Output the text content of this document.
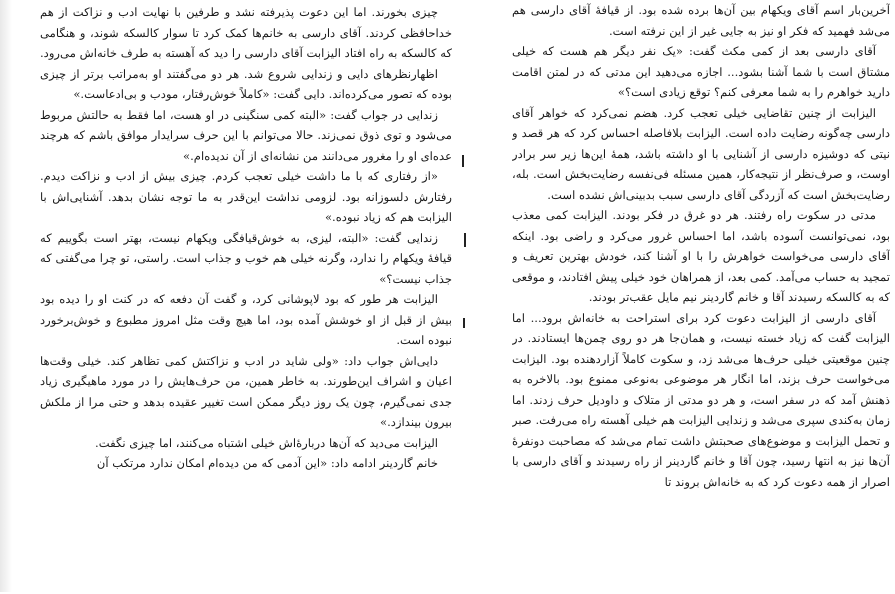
چیزی بخورند. اما این دعوت پذیرفته نشد و طرفین با نهایت ادب و نزاکت از هم خداحافظی کردند. آقای دارسی به خانم‌ها کمک کرد تا سوار کالسکه شوند، و هنگامی که کالسکه به راه افتاد الیزابت آقای دارسی را دید که آهسته به طرف خانه‌اش می‌رود.

اظهارنظرهای دایی و زندایی شروع شد. هر دو می‌گفتند او به‌مراتب برتر از چیزی بوده که تصور می‌کرده‌اند. دایی گفت: «کاملاً خوش‌رفتار، مودب و بی‌ادعاست.»

زندایی در جواب گفت: «البته کمی سنگینی در او هست، اما فقط به حالتش مربوط می‌شود و توی ذوق نمی‌زند. حالا می‌توانم با این حرف سرایدار موافق باشم که هرچند عده‌ای او را مغرور می‌دانند من نشانه‌ای از آن ندیده‌ام.»

«از رفتاری که با ما داشت خیلی تعجب کردم. چیزی بیش از ادب و نزاکت دیدم. رفتارش دلسوزانه بود. لزومی نداشت این‌قدر به ما توجه نشان بدهد. آشنایی‌اش با الیزابت هم که زیاد نبوده.»

زندایی گفت: «البته، لیزی، به خوش‌قیافگی ویکهام نیست، بهتر است بگوییم که قیافهٔ ویکهام را ندارد، وگرنه خیلی هم خوب و جذاب است. راستی، تو چرا می‌گفتی که جذاب نیست؟»

الیزابت هر طور که بود لاپوشانی کرد، و گفت آن دفعه که در کنت او را دیده بود بیش از قبل از او خوشش آمده بود، اما هیچ وقت مثل امروز مطبوع و خوش‌برخورد نبوده است.

دایی‌اش جواب داد: «ولی شاید در ادب و نزاکتش کمی تظاهر کند. خیلی وقت‌ها اعیان و اشراف این‌طورند. به خاطر همین، من حرف‌هایش را در مورد ماهیگیری زیاد جدی نمی‌گیرم، چون یک روز دیگر ممکن است تغییر عقیده بدهد و حتی مرا از ملکش بیرون بیندازد.»

الیزابت می‌دید که آن‌ها دربارهٔ‌اش خیلی اشتباه می‌کنند، اما چیزی نگفت.

خانم گاردینر ادامه داد: «این آدمی که من دیده‌ام امکان ندارد مرتکب آن

آخرین‌بار اسم آقای ویکهام بین آن‌ها برده شده بود. از قیافهٔ آقای دارسی هم می‌شد فهمید که فکر او نیز به جایی غیر از این نرفته است.

آقای دارسی بعد از کمی مکث گفت: «یک نفر دیگر هم هست که خیلی مشتاق است با شما آشنا بشود... اجازه می‌دهید این مدتی که در لمتن اقامت دارید خواهرم را به شما معرفی کنم؟ توقع زیادی است؟»

الیزابت از چنین تقاضایی خیلی تعجب کرد. هضم نمی‌کرد که خواهر آقای دارسی چه‌گونه رضایت داده است. الیزابت بلافاصله احساس کرد که هر قصد و نیتی که دوشیزه دارسی از آشنایی با او داشته باشد، همهٔ این‌ها زیر سر برادر اوست، و صرف‌نظر از نتیجه‌کار، همین مسئله فی‌نفسه رضایت‌بخش است. بله، رضایت‌بخش است که آزردگی آقای دارسی سبب بدبینی‌اش نشده است.

مدتی در سکوت راه رفتند. هر دو غرق در فکر بودند. الیزابت کمی معذب بود، نمی‌توانست آسوده باشد، اما احساس غرور می‌کرد و راضی بود. اینکه آقای دارسی می‌خواست خواهرش را با او آشنا کند، خودش بهترین تعریف و تمجید به حساب می‌آمد. کمی بعد، از همراهان خود خیلی پیش افتادند، و موقعی که به کالسکه رسیدند آقا و خانم گاردینر نیم مایل عقب‌تر بودند.

آقای دارسی از الیزابت دعوت کرد برای استراحت به خانه‌اش برود... اما الیزابت گفت که زیاد خسته نیست، و همان‌جا هر دو روی چمن‌ها ایستادند. در چنین موقعیتی خیلی حرف‌ها می‌شد زد، و سکوت کاملاً آزاردهنده بود. الیزابت می‌خواست حرف بزند، اما انگار هر موضوعی به‌نوعی ممنوع بود. بالاخره به ذهنش آمد که در سفر است، و هر دو مدتی از متلاک و داودیل حرف زدند. اما زمان به‌کندی سپری می‌شد و زندایی الیزابت هم خیلی آهسته راه می‌رفت. صبر و تحمل الیزابت و موضوع‌های صحبتش داشت تمام می‌شد که مصاحبت دونفرهٔ آن‌ها نیز به انتها رسید، چون آقا و خانم گاردینر از راه رسیدند و آقای دارسی با اصرار از همه دعوت کرد که به خانه‌اش بروند تا
